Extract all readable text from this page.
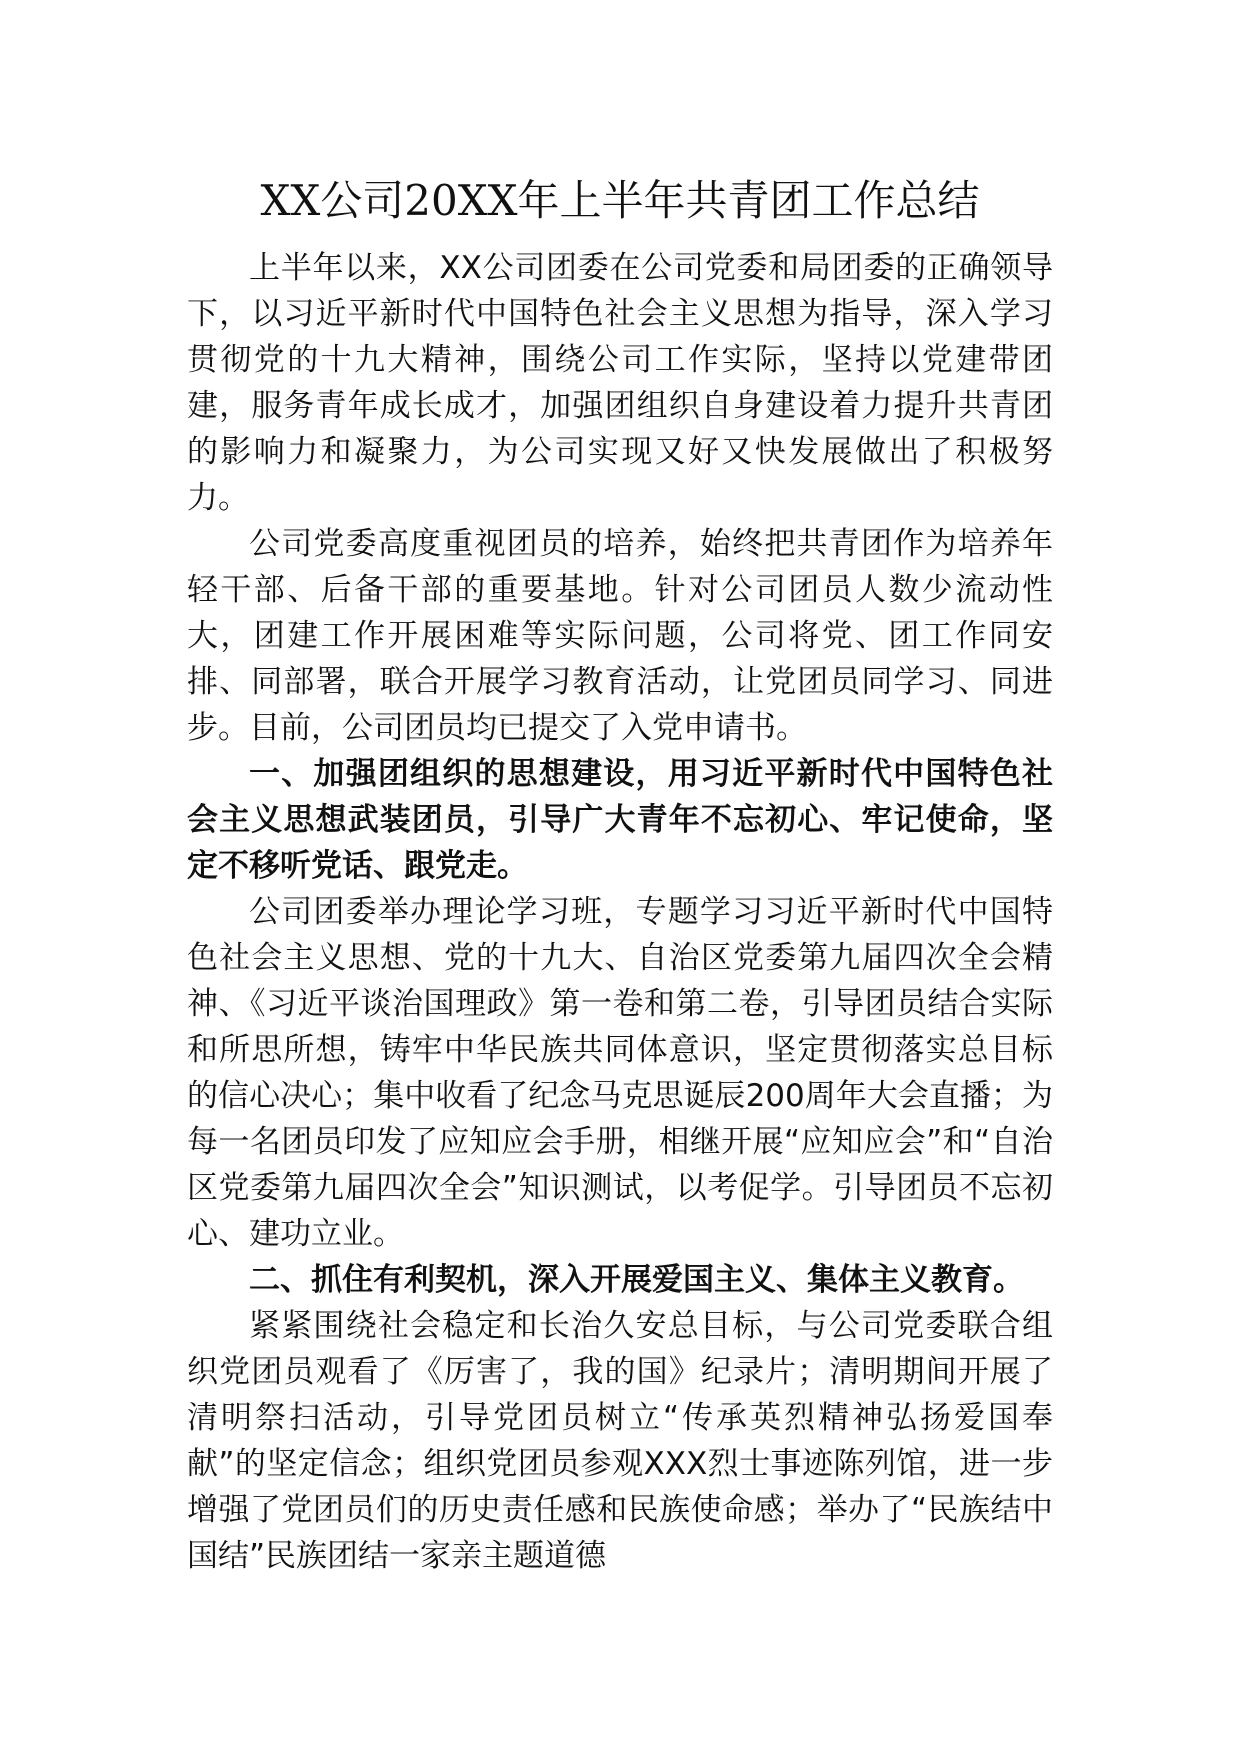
XX公司20XX年上半年共青团工作总结

上半年以来，XX公司团委在公司党委和局团委的正确领导下，以习近平新时代中国特色社会主义思想为指导，深入学习贯彻党的十九大精神，围绕公司工作实际，坚持以党建带团建，服务青年成长成才，加强团组织自身建设着力提升共青团的影响力和凝聚力，为公司实现又好又快发展做出了积极努力。

公司党委高度重视团员的培养，始终把共青团作为培养年轻干部、后备干部的重要基地。针对公司团员人数少流动性大，团建工作开展困难等实际问题，公司将党、团工作同安排、同部署，联合开展学习教育活动，让党团员同学习、同进步。目前，公司团员均已提交了入党申请书。

一、加强团组织的思想建设，用习近平新时代中国特色社会主义思想武装团员，引导广大青年不忘初心、牢记使命，坚定不移听党话、跟党走。

公司团委举办理论学习班，专题学习习近平新时代中国特色社会主义思想、党的十九大、自治区党委第九届四次全会精神、《习近平谈治国理政》第一卷和第二卷，引导团员结合实际和所思所想，铸牢中华民族共同体意识，坚定贯彻落实总目标的信心决心；集中收看了纪念马克思诞辰200周年大会直播；为每一名团员印发了应知应会手册，相继开展“应知应会”和“自治区党委第九届四次全会”知识测试，以考促学。引导团员不忘初心、建功立业。

二、抓住有利契机，深入开展爱国主义、集体主义教育。

紧紧围绕社会稳定和长治久安总目标，与公司党委联合组织党团员观看了《厉害了，我的国》纪录片；清明期间开展了清明祭扫活动，引导党团员树立“传承英烈精神弘扬爱国奉献”的坚定信念；组织党团员参观XXX烈士事迹陈列馆，进一步增强了党团员们的历史责任感和民族使命感；举办了“民族结中国结”民族团结一家亲主题道德
